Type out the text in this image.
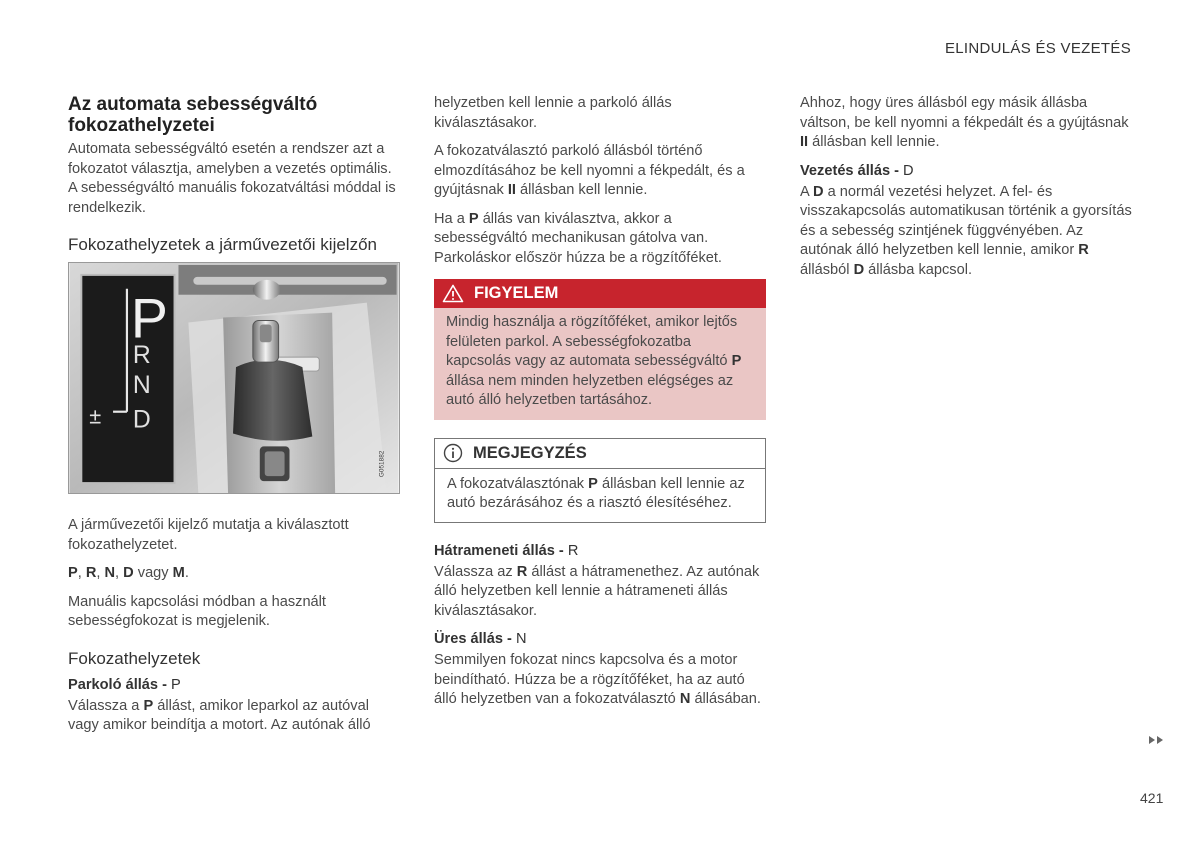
ELINDULÁS ÉS VEZETÉS
Az automata sebességváltó fokozathelyzetei

Automata sebességváltó esetén a rendszer azt a fokozatot választja, amelyben a vezetés optimális. A sebességváltó manuális fokozatváltási móddal is rendelkezik.

Fokozathelyzetek a járművezetői kijelzőn
P
R
N
D
±
G051882

A járművezetői kijelző mutatja a kiválasztott fokozathelyzetet.

P, R, N, D vagy M.

Manuális kapcsolási módban a használt sebességfokozat is megjelenik.

Fokozathelyzetek
Parkoló állás - P

Válassza a P állást, amikor leparkol az autóval vagy amikor beindítja a motort. Az autónak álló

helyzetben kell lennie a parkoló állás kiválasztásakor.

A fokozatválasztó parkoló állásból történő elmozdításához be kell nyomni a fékpedált, és a gyújtásnak II állásban kell lennie.

Ha a P állás van kiválasztva, akkor a sebességváltó mechanikusan gátolva van. Parkoláskor először húzza be a rögzítőféket.

FIGYELEM

Mindig használja a rögzítőféket, amikor lejtős felületen parkol. A sebességfokozatba kapcsolás vagy az automata sebességváltó P állása nem minden helyzetben elégséges az autó álló helyzetben tartásához.

MEGJEGYZÉS

A fokozatválasztónak P állásban kell lennie az autó bezárásához és a riasztó élesítéséhez.

Hátrameneti állás - R

Válassza az R állást a hátramenethez. Az autónak álló helyzetben kell lennie a hátrameneti állás kiválasztásakor.

Üres állás - N

Semmilyen fokozat nincs kapcsolva és a motor beindítható. Húzza be a rögzítőféket, ha az autó álló helyzetben van a fokozatválasztó N állásában.

Ahhoz, hogy üres állásból egy másik állásba váltson, be kell nyomni a fékpedált és a gyújtásnak II állásban kell lennie.

Vezetés állás - D

A D a normál vezetési helyzet. A fel- és visszakapcsolás automatikusan történik a gyorsítás és a sebesség szintjének függvényében. Az autónak álló helyzetben kell lennie, amikor R állásból D állásba kapcsol.

421
